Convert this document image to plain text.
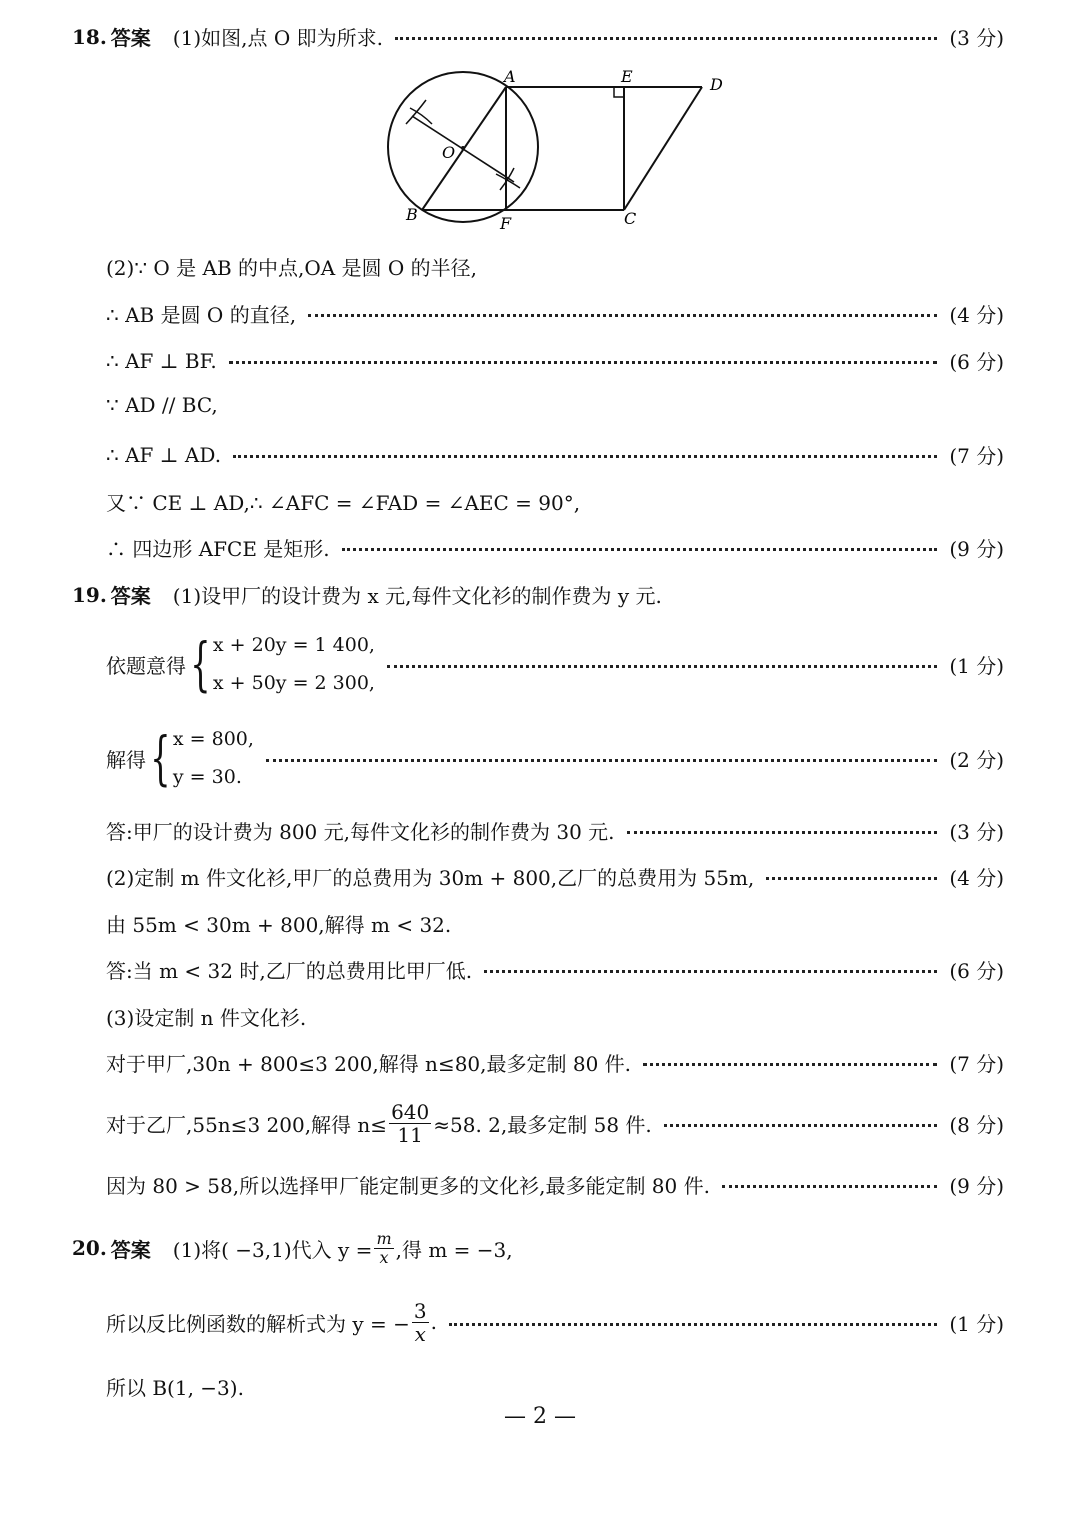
18. 答案 (1)如图,点 O 即为所求.	(3 分)
A	E	D
O
B	F	C
(2)∵ O 是 AB 的中点,OA 是圆 O 的半径,
∴ AB 是圆 O 的直径,	(4 分)
∴ AF ⊥ BF.	(6 分)
∵ AD // BC,
∴ AF ⊥ AD.	(7 分)
又∵ CE ⊥ AD,∴ ∠AFC = ∠FAD = ∠AEC = 90°,
∴ 四边形 AFCE 是矩形.	(9 分)
19. 答案 (1)设甲厂的设计费为 x 元,每件文化衫的制作费为 y 元.
依题意得 { x + 20y = 1 400,
x + 50y = 2 300,
(1 分)
解得 { x = 800,
y = 30.
(2 分)
答:甲厂的设计费为 800 元,每件文化衫的制作费为 30 元.	(3 分)
(2)定制 m 件文化衫,甲厂的总费用为 30m + 800,乙厂的总费用为 55m,	(4 分)
由 55m < 30m + 800,解得 m < 32.
答:当 m < 32 时,乙厂的总费用比甲厂低.	(6 分)
(3)设定制 n 件文化衫.
对于甲厂,30n + 800≤3 200,解得 n≤80,最多定制 80 件.	(7 分)
对于乙厂,55n≤3 200,解得 $n\le \frac{640}{11} \approx 58$. 2,最多定制 58 件.	(8 分)
因为 80 > 58,所以选择甲厂能定制更多的文化衫,最多能定制 80 件.	(9 分)
20. 答案 (1)将( −3,1)代入 $y = \frac{m}{x}$ ,得 m = −3,
所以反比例函数的解析式为 y = − $\frac{3}{x}$ .	(1 分)
所以 B(1, −3).
— 2 —
